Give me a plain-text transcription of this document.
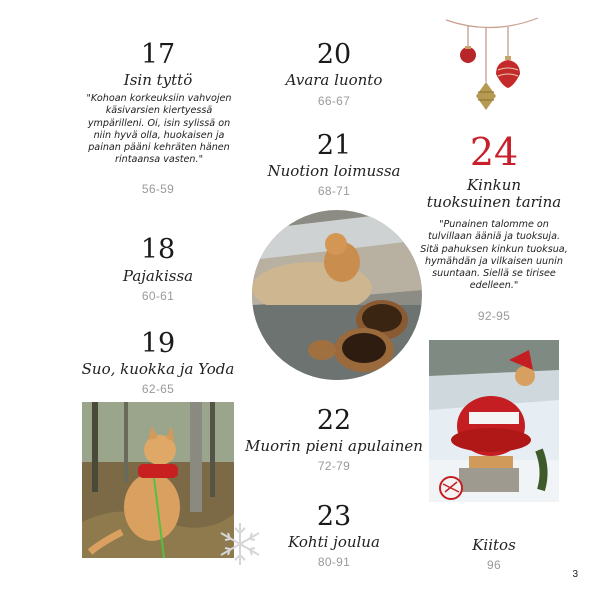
17
Isin tyttö
"Kohoan korkeuksiin vahvojen käsivarsien kiertyessä ympärilleni. Oi, isin sylissä on niin hyvä olla, huokaisen ja painan pääni kehräten hänen rintaansa vasten."
56-59
18
Pajakissa
60-61
19
Suo, kuokka ja Yoda
62-65
20
Avara luonto
66-67
21
Nuotion loimussa
68-71
22
Muorin pieni apulainen
72-79
23
Kohti joulua
80-91
24
Kinkun tuoksuinen tarina
"Punainen talomme on tulvillaan ääniä ja tuoksuja. Sitä pahuksen kinkun tuoksua, hymähdän ja vilkaisen uunin suuntaan. Siellä se tirisee edelleen."
92-95
Kiitos
96
3
